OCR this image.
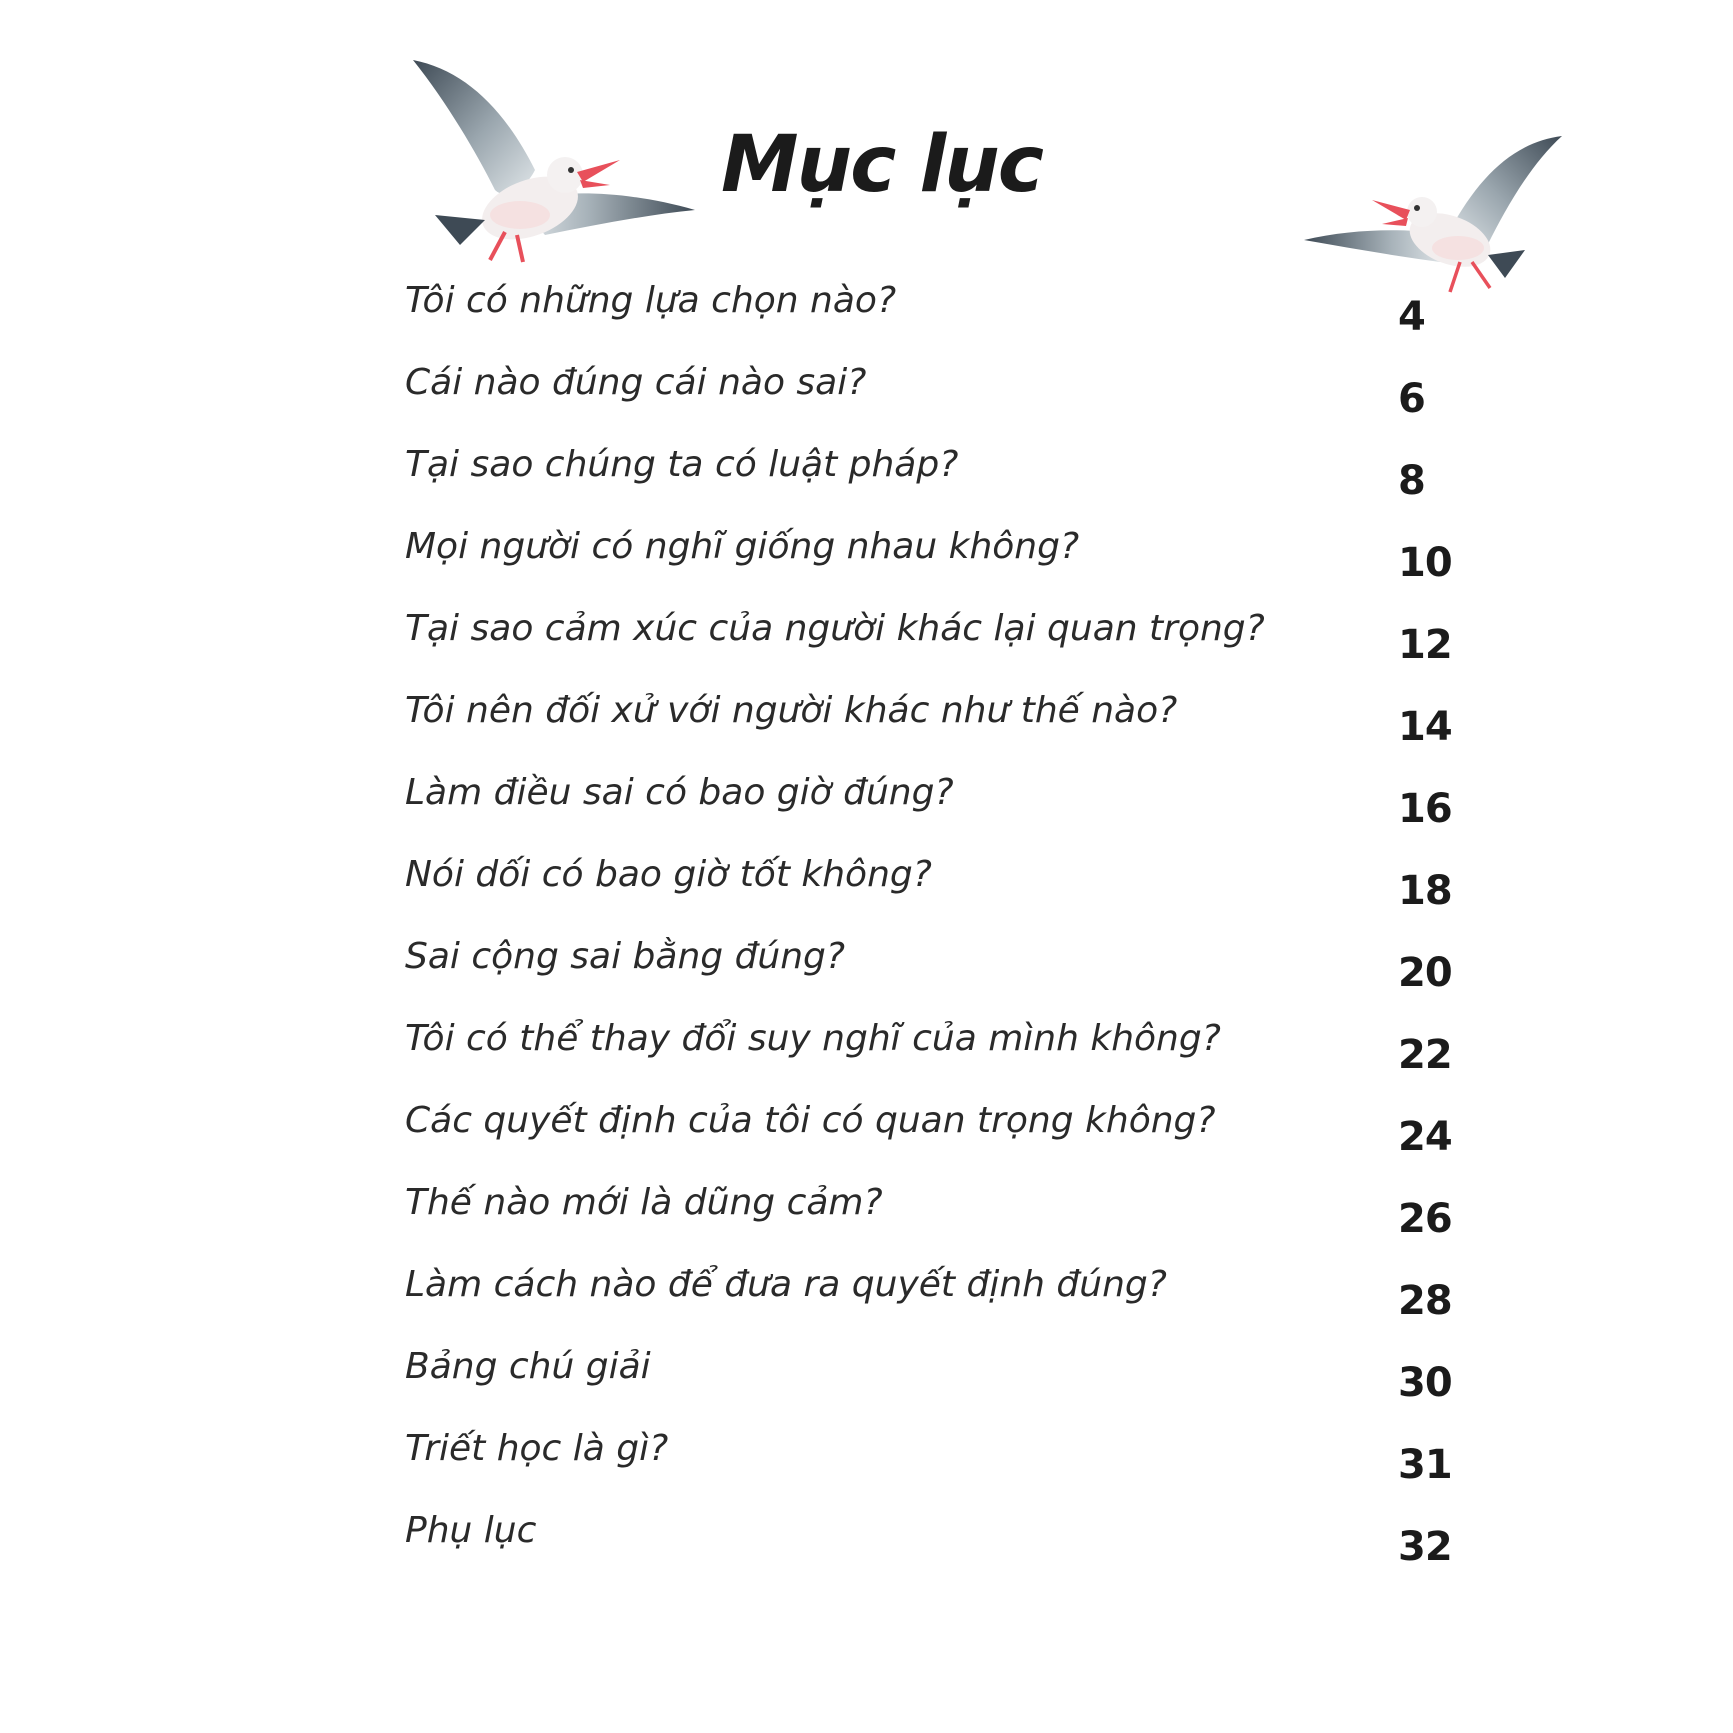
Mục lục
Tôi có những lựa chọn nào?	4
Cái nào đúng cái nào sai?	6
Tại sao chúng ta có luật pháp?	8
Mọi người có nghĩ giống nhau không?	10
Tại sao cảm xúc của người khác lại quan trọng?	12
Tôi nên đối xử với người khác như thế nào?	14
Làm điều sai có bao giờ đúng?	16
Nói dối có bao giờ tốt không?	18
Sai cộng sai bằng đúng?	20
Tôi có thể thay đổi suy nghĩ của mình không?	22
Các quyết định của tôi có quan trọng không?	24
Thế nào mới là dũng cảm?	26
Làm cách nào để đưa ra quyết định đúng?	28
Bảng chú giải	30
Triết học là gì?	31
Phụ lục	32
